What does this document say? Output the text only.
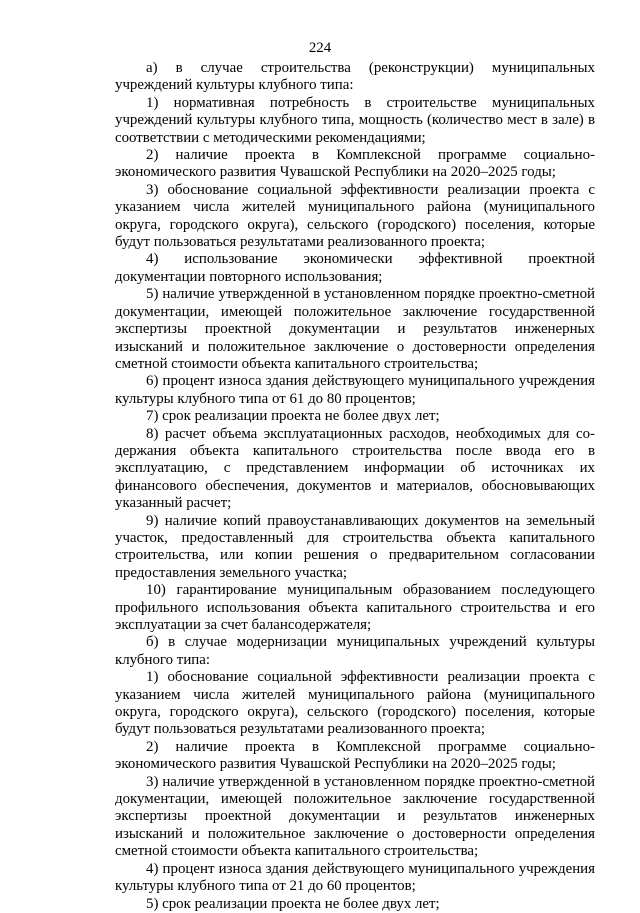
224

а) в случае строительства (реконструкции) муниципальных учреждений культуры клубного типа:

1) нормативная потребность в строительстве муниципальных учреждений культуры клубного типа, мощность (количество мест в зале) в соответствии с методическими рекомендациями;

2) наличие проекта в Комплексной программе социально-экономического развития Чувашской Республики на 2020–2025 годы;

3) обоснование социальной эффективности реализации проекта с указанием числа жителей муниципального района (муниципального округа, городского округа), сельского (городского) поселения, которые будут пользоваться результатами реализованного проекта;

4) использование экономически эффективной проектной документации повторного использования;

5) наличие утвержденной в установленном порядке проектно-сметной документации, имеющей положительное заключение государственной экспертизы проектной документации и результатов инженерных изысканий и положительное заключение о достоверности определения сметной стоимости объекта капитального строительства;

6) процент износа здания действующего муниципального учреждения культуры клубного типа от 61 до 80 процентов;

7) срок реализации проекта не более двух лет;

8) расчет объема эксплуатационных расходов, необходимых для содержания объекта капитального строительства после ввода его в эксплуатацию, с представлением информации об источниках их финансового обеспечения, документов и материалов, обосновывающих указанный расчет;

9) наличие копий правоустанавливающих документов на земельный участок, предоставленный для строительства объекта капитального строительства, или копии решения о предварительном согласовании предоставления земельного участка;

10) гарантирование муниципальным образованием последующего профильного использования объекта капитального строительства и его эксплуатации за счет балансодержателя;

б) в случае модернизации муниципальных учреждений культуры клубного типа:

1) обоснование социальной эффективности реализации проекта с указанием числа жителей муниципального района (муниципального округа, городского округа), сельского (городского) поселения, которые будут пользоваться результатами реализованного проекта;

2) наличие проекта в Комплексной программе социально-экономического развития Чувашской Республики на 2020–2025 годы;

3) наличие утвержденной в установленном порядке проектно-сметной документации, имеющей положительное заключение государственной экспертизы проектной документации и результатов инженерных изысканий и положительное заключение о достоверности определения сметной стоимости объекта капитального строительства;

4) процент износа здания действующего муниципального учреждения культуры клубного типа от 21 до 60 процентов;

5) срок реализации проекта не более двух лет;
